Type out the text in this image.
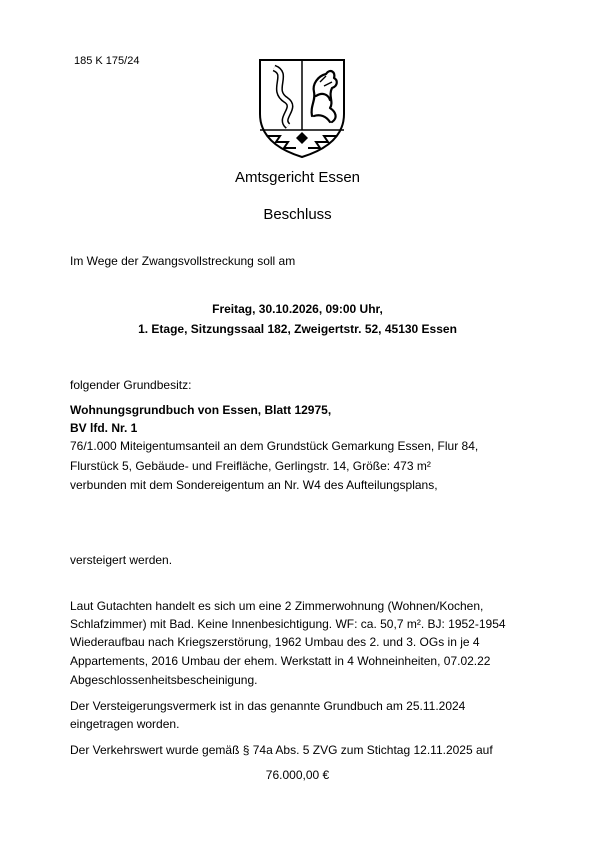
185 K 175/24
Amtsgericht Essen
Beschluss
Im Wege der Zwangsvollstreckung soll am
Freitag, 30.10.2026, 09:00 Uhr,
1. Etage, Sitzungssaal 182, Zweigertstr. 52, 45130 Essen
folgender Grundbesitz:
Wohnungsgrundbuch von Essen, Blatt 12975,
BV lfd. Nr. 1
76/1.000 Miteigentumsanteil an dem Grundstück Gemarkung Essen, Flur 84,
Flurstück 5, Gebäude- und Freifläche, Gerlingstr. 14, Größe: 473 m²
verbunden mit dem Sondereigentum an Nr. W4 des Aufteilungsplans,
versteigert werden.
Laut Gutachten handelt es sich um eine 2 Zimmerwohnung (Wohnen/Kochen,
Schlafzimmer) mit Bad. Keine Innenbesichtigung. WF: ca. 50,7 m². BJ: 1952-1954
Wiederaufbau nach Kriegszerstörung, 1962 Umbau des 2. und 3. OGs in je 4
Appartements, 2016 Umbau der ehem. Werkstatt in 4 Wohneinheiten, 07.02.22
Abgeschlossenheitsbescheinigung.
Der Versteigerungsvermerk ist in das genannte Grundbuch am 25.11.2024
eingetragen worden.
Der Verkehrswert wurde gemäß § 74a Abs. 5 ZVG zum Stichtag 12.11.2025 auf
76.000,00 €
